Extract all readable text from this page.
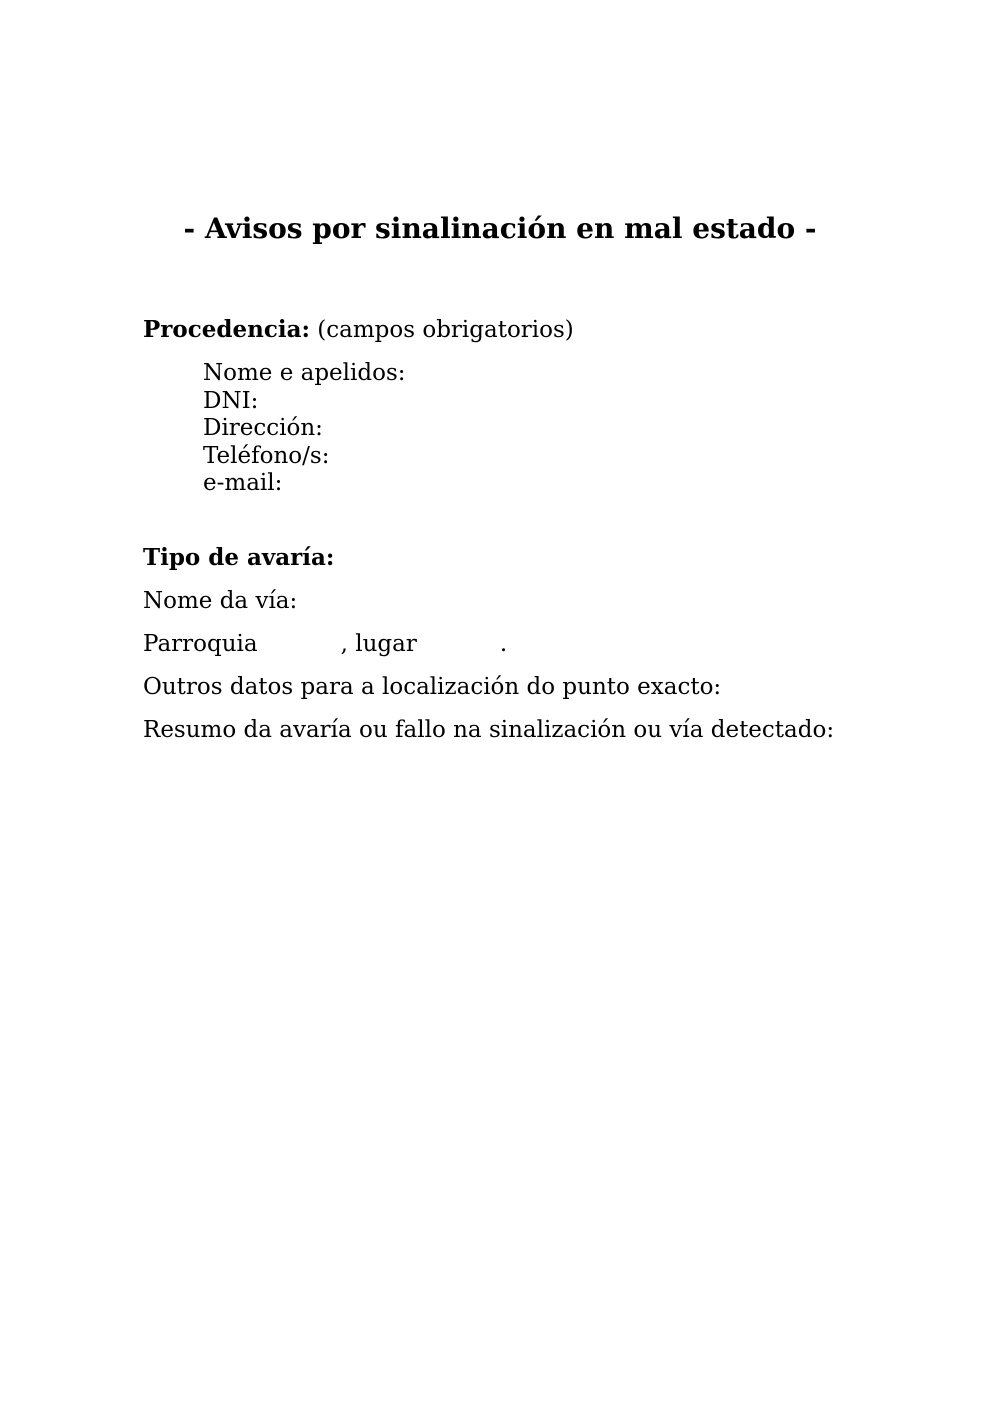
- Avisos por sinalinación en mal estado -
Procedencia: (campos obrigatorios)
Nome e apelidos:
DNI:
Dirección:
Teléfono/s:
e-mail:
Tipo de avaría:
Nome da vía:
Parroquia	, lugar	.
Outros datos para a localización do punto exacto:
Resumo da avaría ou fallo na sinalización ou vía detectado:
